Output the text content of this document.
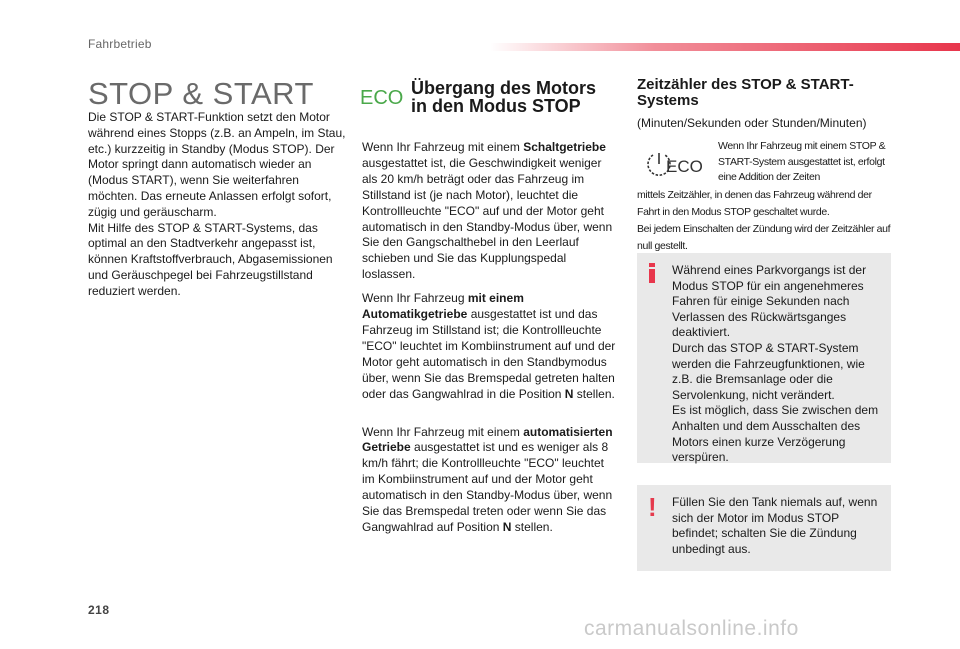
Fahrbetrieb
STOP & START

Die STOP & START-Funktion setzt den Motor während eines Stopps (z.B. an Ampeln, im Stau, etc.) kurzzeitig in Standby (Modus STOP). Der Motor springt dann automatisch wieder an (Modus START), wenn Sie weiterfahren möchten. Das erneute Anlassen erfolgt sofort, zügig und geräuscharm.

Mit Hilfe des STOP & START-Systems, das optimal an den Stadtverkehr angepasst ist, können Kraftstoffverbrauch, Abgasemissionen und Geräuschpegel bei Fahrzeugstillstand reduziert werden.

ECO Übergang des Motors in den Modus STOP

Wenn Ihr Fahrzeug mit einem Schaltgetriebe ausgestattet ist, die Geschwindigkeit weniger als 20 km/h beträgt oder das Fahrzeug im Stillstand ist (je nach Motor), leuchtet die Kontrollleuchte "ECO" auf und der Motor geht automatisch in den Standby-Modus über, wenn Sie den Gangschalthebel in den Leerlauf schieben und Sie das Kupplungspedal loslassen.

Wenn Ihr Fahrzeug mit einem Automatikgetriebe ausgestattet ist und das Fahrzeug im Stillstand ist; die Kontrollleuchte "ECO" leuchtet im Kombiinstrument auf und der Motor geht automatisch in den Standbymodus über, wenn Sie das Bremspedal getreten halten oder das Gangwahlrad in die Position N stellen.

Wenn Ihr Fahrzeug mit einem automatisierten Getriebe ausgestattet ist und es weniger als 8 km/h fährt; die Kontrollleuchte "ECO" leuchtet im Kombiinstrument auf und der Motor geht automatisch in den Standby-Modus über, wenn Sie das Bremspedal treten oder wenn Sie das Gangwahlrad auf Position N stellen.

Zeitzähler des STOP & START-Systems
(Minuten/Sekunden oder Stunden/Minuten)
ECO
Wenn Ihr Fahrzeug mit einem STOP & START-System ausgestattet ist, erfolgt eine Addition der Zeiten

mittels Zeitzähler, in denen das Fahrzeug während der Fahrt in den Modus STOP geschaltet wurde.

Bei jedem Einschalten der Zündung wird der Zeitzähler auf null gestellt.

Während eines Parkvorgangs ist der Modus STOP für ein angenehmeres Fahren für einige Sekunden nach Verlassen des Rückwärtsganges deaktiviert.

Durch das STOP & START-System werden die Fahrzeugfunktionen, wie z.B. die Bremsanlage oder die Servolenkung, nicht verändert.

Es ist möglich, dass Sie zwischen dem Anhalten und dem Ausschalten des Motors einen kurze Verzögerung verspüren.

! Füllen Sie den Tank niemals auf, wenn sich der Motor im Modus STOP befindet; schalten Sie die Zündung unbedingt aus.

218
carmanualsonline.info
